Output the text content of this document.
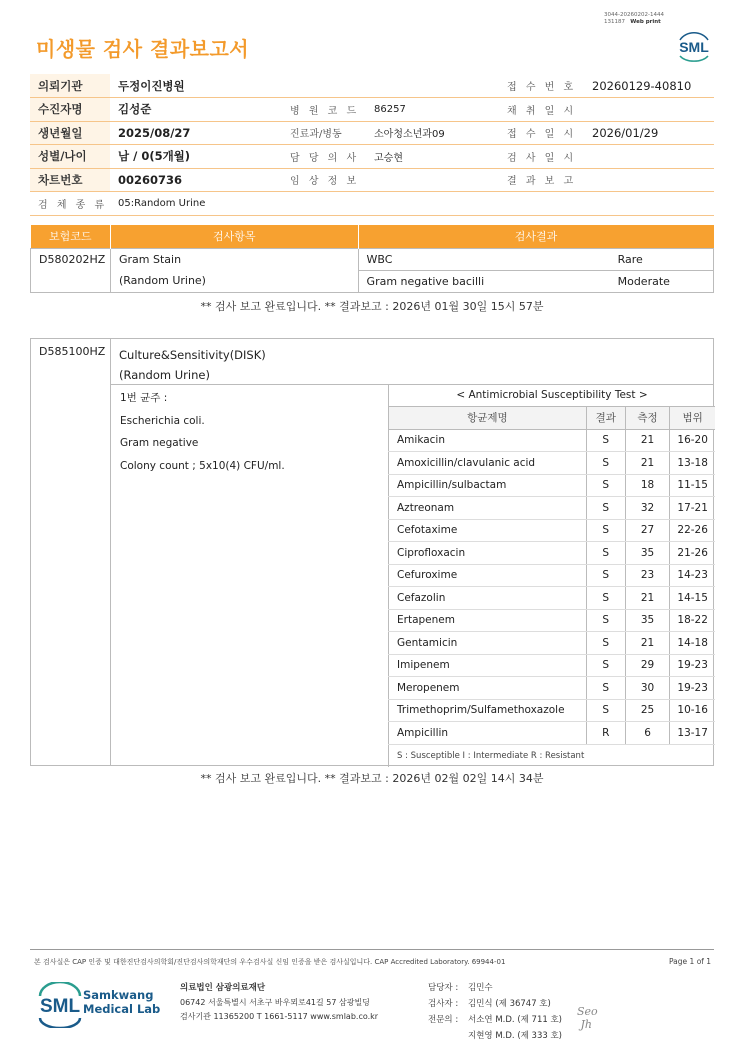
미생물 검사 결과보고서
3044-20260202-1444
131187 Web print
SML
의뢰기관	두정이진병원			접 수 번 호	20260129-40810
수진자명	김성준	병 원 코 드	86257	채 취 일 시	
생년월일	2025/08/27	진료과/병동	소아청소년과09	접 수 일 시	2026/01/29
성별/나이	남 / 0(5개월)	담 당 의 사	고승현	검 사 일 시	
차트번호	00260736	임 상 정 보		결 과 보 고	
검 체 종 류	05:Random Urine				
보험코드	검사항목	검사결과	
D580202HZ	Gram Stain	WBC	Rare
	(Random Urine)	Gram negative bacilli	Moderate
** 검사 보고 완료입니다. ** 결과보고 : 2026년 01월 30일 15시 57분
D585100HZ	Culture&Sensitivity(DISK)
(Random Urine)
1번 균주 :
Escherichia coli.
Gram negative
Colony count ; 5x10(4) CFU/ml.
< Antimicrobial Susceptibility Test >			
항균제명	결과	측정	범위
Amikacin	S	21	16-20
Amoxicillin/clavulanic acid	S	21	13-18
Ampicillin/sulbactam	S	18	11-15
Aztreonam	S	32	17-21
Cefotaxime	S	27	22-26
Ciprofloxacin	S	35	21-26
Cefuroxime	S	23	14-23
Cefazolin	S	21	14-15
Ertapenem	S	35	18-22
Gentamicin	S	21	14-18
Imipenem	S	29	19-23
Meropenem	S	30	19-23
Trimethoprim/Sulfamethoxazole	S	25	10-16
Ampicillin	R	6	13-17
S : Susceptible I : Intermediate R : Resistant			
** 검사 보고 완료입니다. ** 결과보고 : 2026년 02월 02일 14시 34분
본 검사실은 CAP 인증 및 대한진단검사의학회/진단검사의학재단의 우수검사실 신임 인증을 받은 검사실입니다. CAP Accredited Laboratory. 69944-01	Page 1 of 1
SML
Samkwang
Medical Lab
의료법인 삼광의료재단
06742 서울특별시 서초구 바우뫼로41길 57 삼광빌딩
검사기관 11365200 T 1661-5117 www.smlab.co.kr
담당자 : 김민수
검사자 : 김민식 (제 36747 호)
전문의 : 서소연 M.D. (제 711 호)
지현영 M.D. (제 333 호)
Seo
Jh
